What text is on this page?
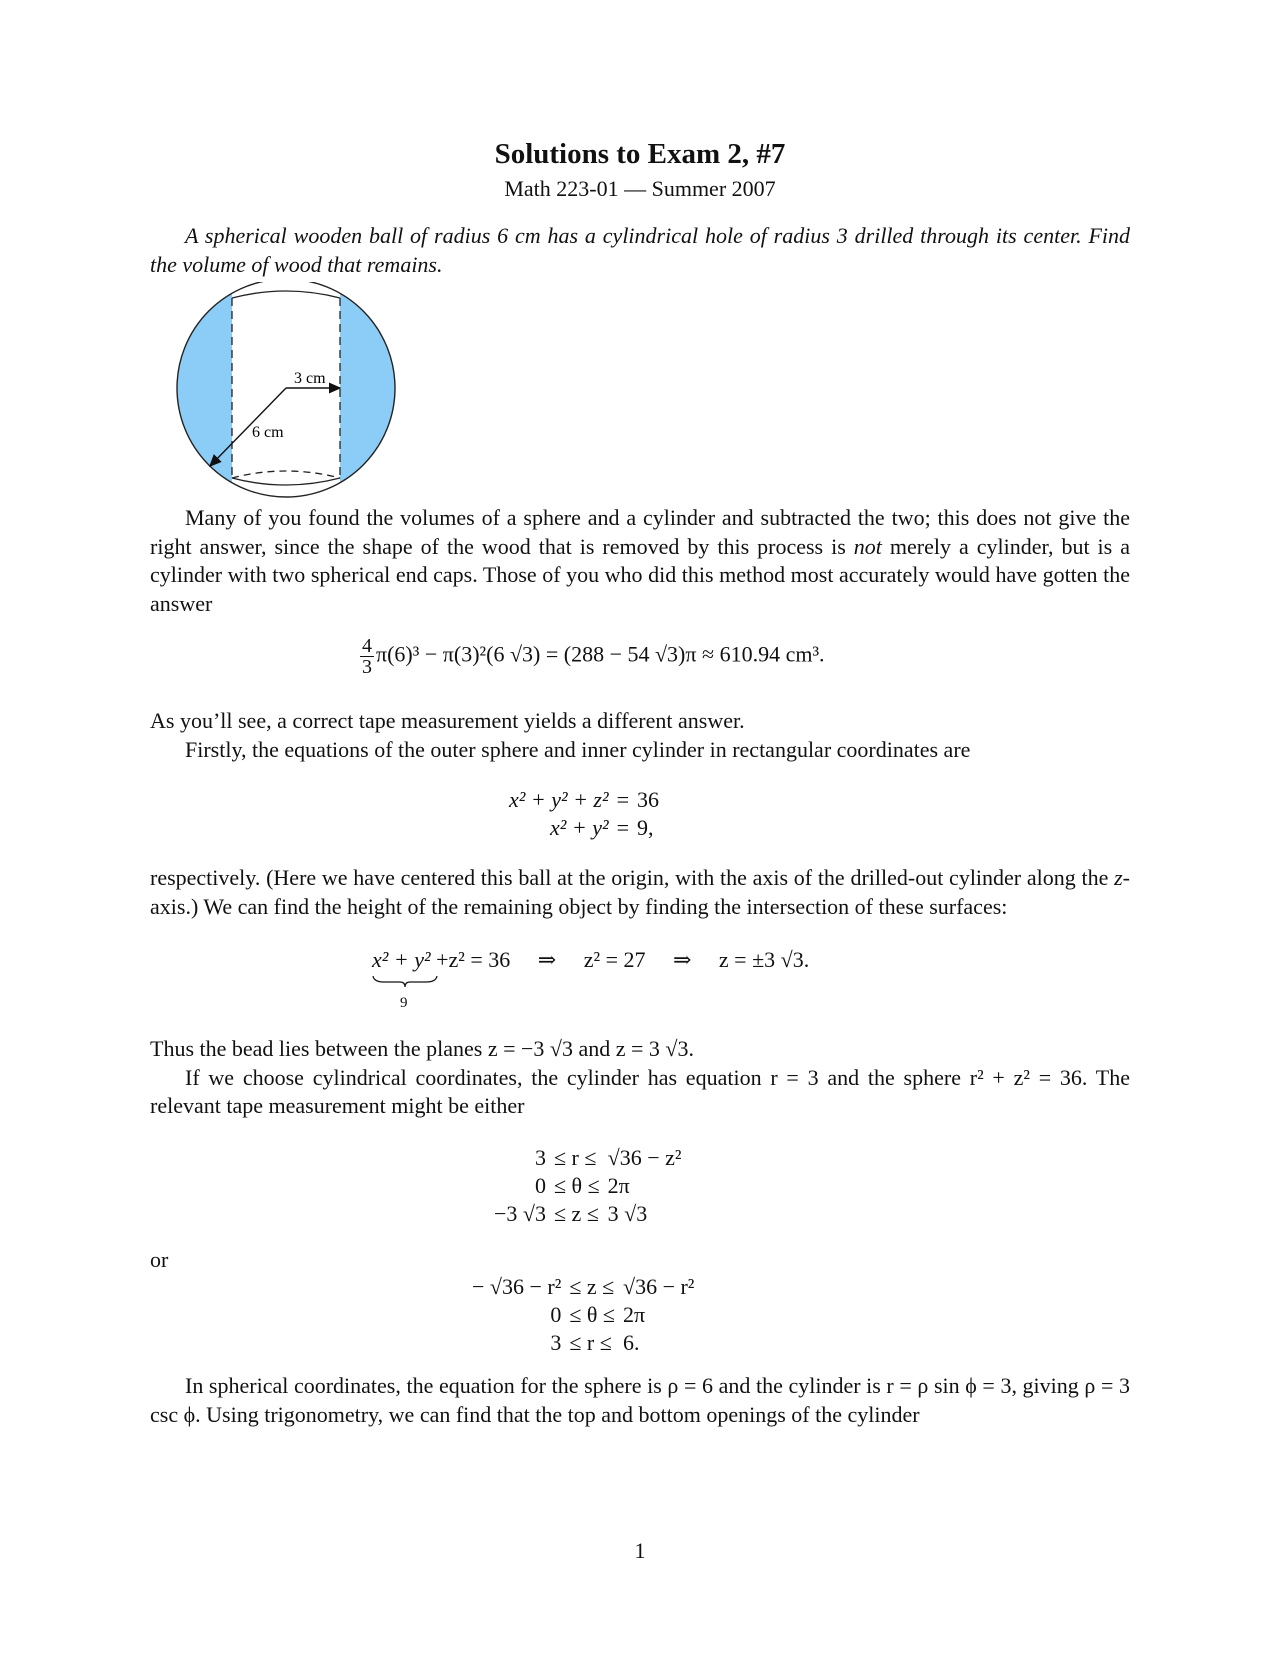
Solutions to Exam 2, #7
Math 223-01 — Summer 2007

A spherical wooden ball of radius 6 cm has a cylindrical hole of radius 3 drilled through its center. Find the volume of wood that remains.

3 cm
6 cm

Many of you found the volumes of a sphere and a cylinder and subtracted the two; this does not give the right answer, since the shape of the wood that is removed by this process is not merely a cylinder, but is a cylinder with two spherical end caps. Those of you who did this method most accurately would have gotten the answer

$\frac{4}{3} \pi(6)^3 - \pi(3)^2(6$ √3) = (288 − 54 √3)π ≈ 610.94 cm³.

As you’ll see, a correct tape measurement yields a different answer.

Firstly, the equations of the outer sphere and inner cylinder in rectangular coordinates are

x² + y² + z²	=	36
x² + y²	=	9,

respectively. (Here we have centered this ball at the origin, with the axis of the drilled-out cylinder along the z-axis.) We can find the height of the remaining object by finding the intersection of these surfaces:

x² + y²
9
+z² = 36 ⇒ z² = 27 ⇒ z = ±3 √3.

Thus the bead lies between the planes z = −3 √3 and z = 3 √3.

If we choose cylindrical coordinates, the cylinder has equation r = 3 and the sphere r² + z² = 36. The relevant tape measurement might be either

3	≤ r ≤	√36 − z²
0	≤ θ ≤	2π
−3 √3	≤ z ≤	3 √3
or
− √36 − r²	≤ z ≤	√36 − r²
0	≤ θ ≤	2π
3	≤ r ≤	6.

In spherical coordinates, the equation for the sphere is ρ = 6 and the cylinder is r = ρ sin ϕ = 3, giving ρ = 3 csc ϕ. Using trigonometry, we can find that the top and bottom openings of the cylinder

1
